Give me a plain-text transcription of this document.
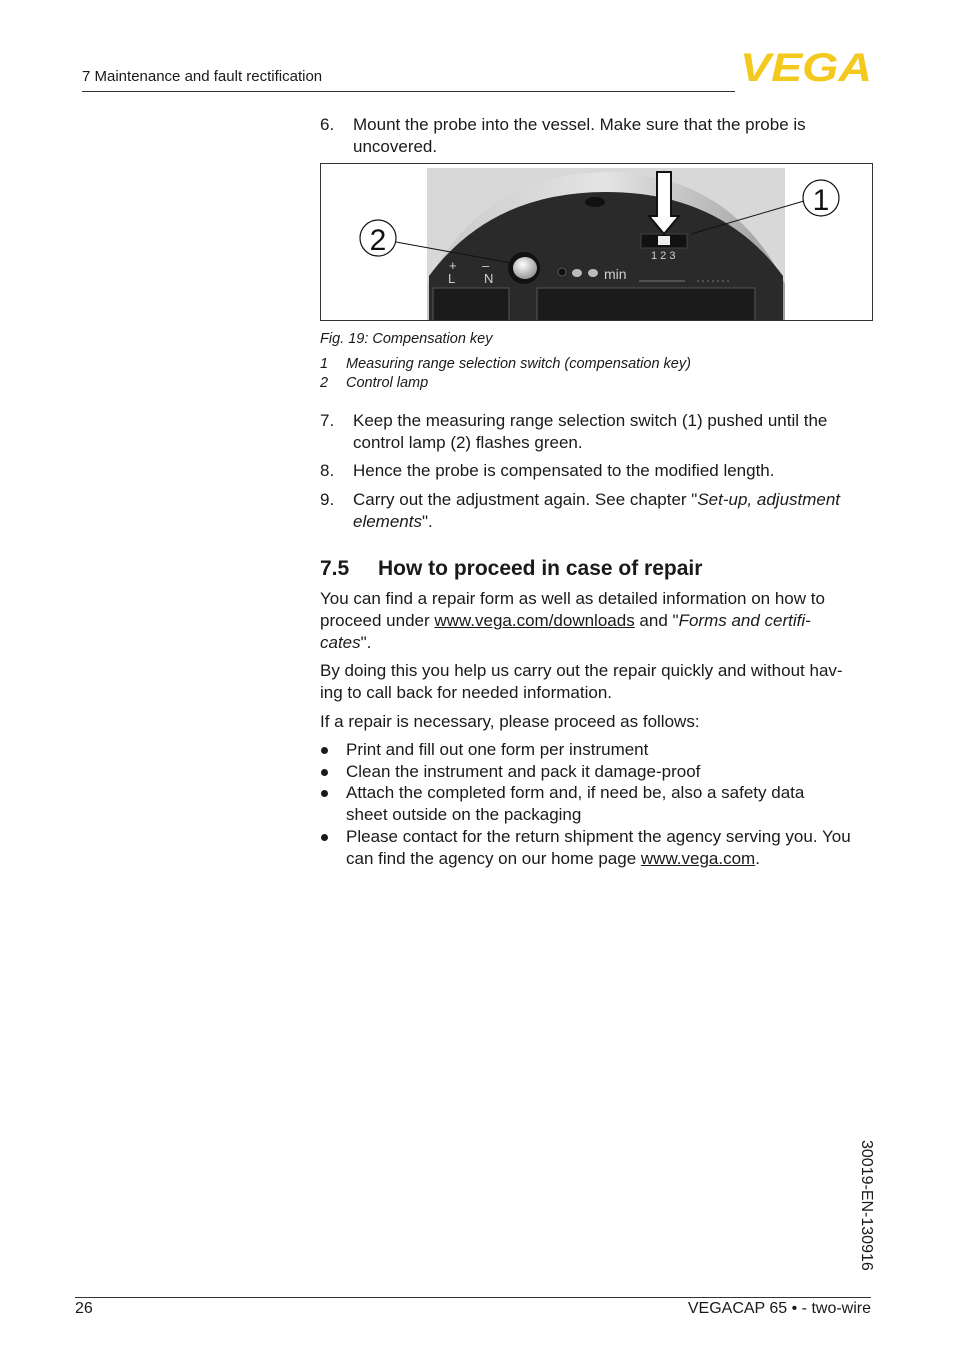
7 Maintenance and fault rectification	VEGA
6. Mount the probe into the vessel. Make sure that the probe is
uncovered.
1 2 3
+ –
L N	min
1
2
Fig. 19: Compensation key
1 Measuring range selection switch (compensation key)
2 Control lamp
7. Keep the measuring range selection switch (1) pushed until the
control lamp (2) flashes green.
8. Hence the probe is compensated to the modified length.
9. Carry out the adjustment again. See chapter "Set-up, adjustment
elements".
7.5 How to proceed in case of repair
You can find a repair form as well as detailed information on how to
proceed under www.vega.com/downloads and "Forms and certifi-
cates".
By doing this you help us carry out the repair quickly and without hav-
ing to call back for needed information.
If a repair is necessary, please proceed as follows:
Print and fill out one form per instrument
Clean the instrument and pack it damage-proof
Attach the completed form and, if need be, also a safety data
sheet outside on the packaging
Please contact for the return shipment the agency serving you. You
can find the agency on our home page www.vega.com.
30019-EN-130916
26	VEGACAP 65 • - two-wire
